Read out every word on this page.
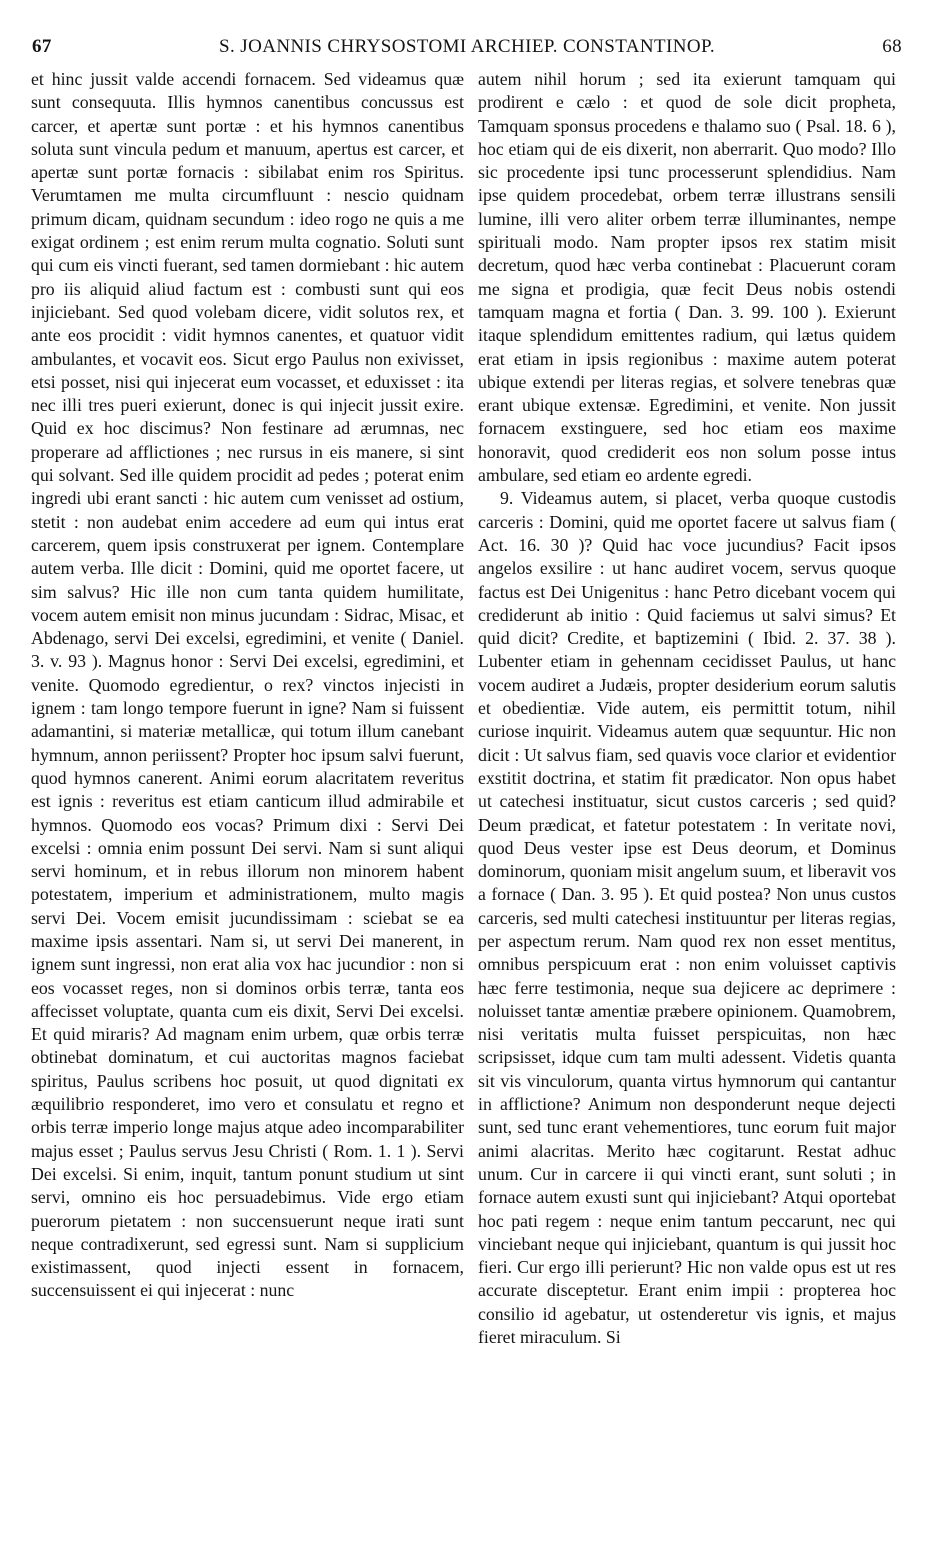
67	S. JOANNIS CHRYSOSTOMI ARCHIEP. CONSTANTINOP.	68

et hinc jussit valde accendi fornacem. Sed videamus quæ sunt consequuta. Illis hymnos canentibus concussus est carcer, et apertæ sunt portæ : et his hymnos canentibus soluta sunt vincula pedum et manuum, apertus est carcer, et apertæ sunt portæ fornacis : sibilabat enim ros Spiritus. Verumtamen me multa circumfluunt : nescio quidnam primum dicam, quidnam secundum : ideo rogo ne quis a me exigat ordinem ; est enim rerum multa cognatio. Soluti sunt qui cum eis vincti fuerant, sed tamen dormiebant : hic autem pro iis aliquid aliud factum est : combusti sunt qui eos injiciebant. Sed quod volebam dicere, vidit solutos rex, et ante eos procidit : vidit hymnos canentes, et quatuor vidit ambulantes, et vocavit eos. Sicut ergo Paulus non exivisset, etsi posset, nisi qui injecerat eum vocasset, et eduxisset : ita nec illi tres pueri exierunt, donec is qui injecit jussit exire. Quid ex hoc discimus? Non festinare ad ærumnas, nec properare ad afflictiones ; nec rursus in eis manere, si sint qui solvant. Sed ille quidem procidit ad pedes ; poterat enim ingredi ubi erant sancti : hic autem cum venisset ad ostium, stetit : non audebat enim accedere ad eum qui intus erat carcerem, quem ipsis construxerat per ignem. Contemplare autem verba. Ille dicit : Domini, quid me oportet facere, ut sim salvus? Hic ille non cum tanta quidem humilitate, vocem autem emisit non minus jucundam : Sidrac, Misac, et Abdenago, servi Dei excelsi, egredimini, et venite ( Daniel. 3. v. 93 ). Magnus honor : Servi Dei excelsi, egredimini, et venite. Quomodo egredientur, o rex? vinctos injecisti in ignem : tam longo tempore fuerunt in igne? Nam si fuissent adamantini, si materiæ metallicæ, qui totum illum canebant hymnum, annon periissent? Propter hoc ipsum salvi fuerunt, quod hymnos canerent. Animi eorum alacritatem reveritus est ignis : reveritus est etiam canticum illud admirabile et hymnos. Quomodo eos vocas? Primum dixi : Servi Dei excelsi : omnia enim possunt Dei servi. Nam si sunt aliqui servi hominum, et in rebus illorum non minorem habent potestatem, imperium et administrationem, multo magis servi Dei. Vocem emisit jucundissimam : sciebat se ea maxime ipsis assentari. Nam si, ut servi Dei manerent, in ignem sunt ingressi, non erat alia vox hac jucundior : non si eos vocasset reges, non si dominos orbis terræ, tanta eos affecisset voluptate, quanta cum eis dixit, Servi Dei excelsi. Et quid miraris? Ad magnam enim urbem, quæ orbis terræ obtinebat dominatum, et cui auctoritas magnos faciebat spiritus, Paulus scribens hoc posuit, ut quod dignitati ex æquilibrio responderet, imo vero et consulatu et regno et orbis terræ imperio longe majus atque adeo incomparabiliter majus esset ; Paulus servus Jesu Christi ( Rom. 1. 1 ). Servi Dei excelsi. Si enim, inquit, tantum ponunt studium ut sint servi, omnino eis hoc persuadebimus. Vide ergo etiam puerorum pietatem : non succensuerunt neque irati sunt neque contradixerunt, sed egressi sunt. Nam si supplicium existimassent, quod injecti essent in fornacem, succensuissent ei qui injecerat : nunc

autem nihil horum ; sed ita exierunt tamquam qui prodirent e cælo : et quod de sole dicit propheta, Tamquam sponsus procedens e thalamo suo ( Psal. 18. 6 ), hoc etiam qui de eis dixerit, non aberrarit. Quo modo? Illo sic procedente ipsi tunc processerunt splendidius. Nam ipse quidem procedebat, orbem terræ illustrans sensili lumine, illi vero aliter orbem terræ illuminantes, nempe spirituali modo. Nam propter ipsos rex statim misit decretum, quod hæc verba continebat : Placuerunt coram me signa et prodigia, quæ fecit Deus nobis ostendi tamquam magna et fortia ( Dan. 3. 99. 100 ). Exierunt itaque splendidum emittentes radium, qui lætus quidem erat etiam in ipsis regionibus : maxime autem poterat ubique extendi per literas regias, et solvere tenebras quæ erant ubique extensæ. Egredimini, et venite. Non jussit fornacem exstinguere, sed hoc etiam eos maxime honoravit, quod crediderit eos non solum posse intus ambulare, sed etiam eo ardente egredi.

9. Videamus autem, si placet, verba quoque custodis carceris : Domini, quid me oportet facere ut salvus fiam ( Act. 16. 30 )? Quid hac voce jucundius? Facit ipsos angelos exsilire : ut hanc audiret vocem, servus quoque factus est Dei Unigenitus : hanc Petro dicebant vocem qui crediderunt ab initio : Quid faciemus ut salvi simus? Et quid dicit? Credite, et baptizemini ( Ibid. 2. 37. 38 ). Lubenter etiam in gehennam cecidisset Paulus, ut hanc vocem audiret a Judæis, propter desiderium eorum salutis et obedientiæ. Vide autem, eis permittit totum, nihil curiose inquirit. Videamus autem quæ sequuntur. Hic non dicit : Ut salvus fiam, sed quavis voce clarior et evidentior exstitit doctrina, et statim fit prædicator. Non opus habet ut catechesi instituatur, sicut custos carceris ; sed quid? Deum prædicat, et fatetur potestatem : In veritate novi, quod Deus vester ipse est Deus deorum, et Dominus dominorum, quoniam misit angelum suum, et liberavit vos a fornace ( Dan. 3. 95 ). Et quid postea? Non unus custos carceris, sed multi catechesi instituuntur per literas regias, per aspectum rerum. Nam quod rex non esset mentitus, omnibus perspicuum erat : non enim voluisset captivis hæc ferre testimonia, neque sua dejicere ac deprimere : noluisset tantæ amentiæ præbere opinionem. Quamobrem, nisi veritatis multa fuisset perspicuitas, non hæc scripsisset, idque cum tam multi adessent. Videtis quanta sit vis vinculorum, quanta virtus hymnorum qui cantantur in afflictione? Animum non desponderunt neque dejecti sunt, sed tunc erant vehementiores, tunc eorum fuit major animi alacritas. Merito hæc cogitarunt. Restat adhuc unum. Cur in carcere ii qui vincti erant, sunt soluti ; in fornace autem exusti sunt qui injiciebant? Atqui oportebat hoc pati regem : neque enim tantum peccarunt, nec qui vinciebant neque qui injiciebant, quantum is qui jussit hoc fieri. Cur ergo illi perierunt? Hic non valde opus est ut res accurate disceptetur. Erant enim impii : propterea hoc consilio id agebatur, ut ostenderetur vis ignis, et majus fieret miraculum. Si
